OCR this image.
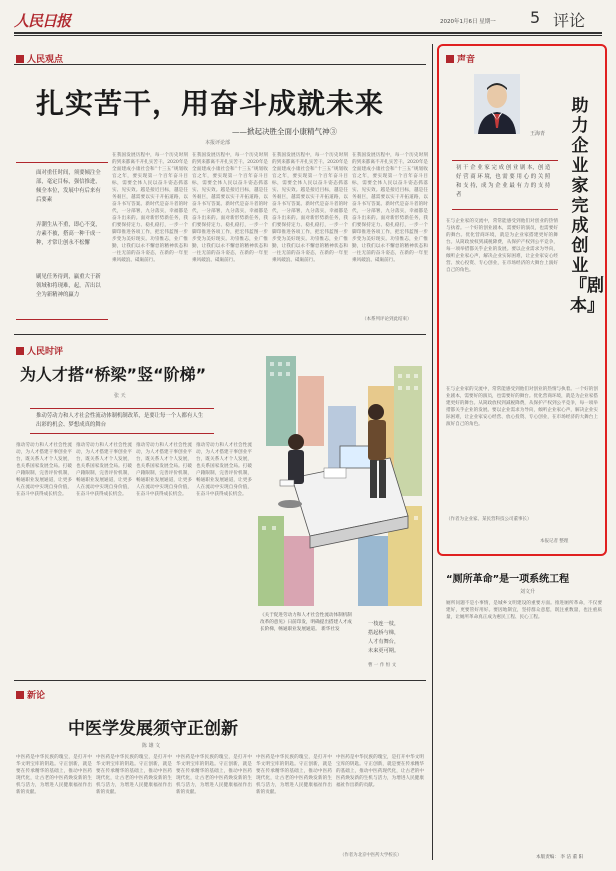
人民日报	2020年1月6日 星期一 5 评论
人民观点
扎实苦干，用奋斗成就未来
——掀起决胜全面小康精气神③
本报评论部
面对重任时间，须要倾注全部，毫定目标，强信推进，倾全本位，发展中有后来有后要素
弄潮生从不重，即心不变，方素不被，搭高一种干成一种，才常让创永不松懈
刷见任务待到，赢重大于新领域和将现难，起，苦出以全为新精神的赢力
在我国发展历程中，每一个历史时刻的到来都离不开扎实苦干。2020年是全面建成小康社会和“十三五”规划收官之年，要实现第一个百年奋斗目标，需要全体人民以奋斗姿态抓落实、见实效。越是接近目标，越是任务艰巨，越需要以实干开拓道路，以奋斗书写答案。新时代是奋斗者的时代，一分部署，九分落实，幸福都是奋斗出来的。面对新形势新任务，我们要保持定力、稳扎稳打，一步一个脚印推进各项工作，把宏伟蓝图一步步变为美好现实。功崇惟志，业广惟勤，让我们以永不懈怠的精神状态和一往无前的奋斗姿态，在新的一年里乘风破浪、砥砺前行。
在我国发展历程中，每一个历史时刻的到来都离不开扎实苦干。2020年是全面建成小康社会和“十三五”规划收官之年，要实现第一个百年奋斗目标，需要全体人民以奋斗姿态抓落实、见实效。越是接近目标，越是任务艰巨，越需要以实干开拓道路，以奋斗书写答案。新时代是奋斗者的时代，一分部署，九分落实，幸福都是奋斗出来的。面对新形势新任务，我们要保持定力、稳扎稳打，一步一个脚印推进各项工作，把宏伟蓝图一步步变为美好现实。功崇惟志，业广惟勤，让我们以永不懈怠的精神状态和一往无前的奋斗姿态，在新的一年里乘风破浪、砥砺前行。
在我国发展历程中，每一个历史时刻的到来都离不开扎实苦干。2020年是全面建成小康社会和“十三五”规划收官之年，要实现第一个百年奋斗目标，需要全体人民以奋斗姿态抓落实、见实效。越是接近目标，越是任务艰巨，越需要以实干开拓道路，以奋斗书写答案。新时代是奋斗者的时代，一分部署，九分落实，幸福都是奋斗出来的。面对新形势新任务，我们要保持定力、稳扎稳打，一步一个脚印推进各项工作，把宏伟蓝图一步步变为美好现实。功崇惟志，业广惟勤，让我们以永不懈怠的精神状态和一往无前的奋斗姿态，在新的一年里乘风破浪、砥砺前行。
在我国发展历程中，每一个历史时刻的到来都离不开扎实苦干。2020年是全面建成小康社会和“十三五”规划收官之年，要实现第一个百年奋斗目标，需要全体人民以奋斗姿态抓落实、见实效。越是接近目标，越是任务艰巨，越需要以实干开拓道路，以奋斗书写答案。新时代是奋斗者的时代，一分部署，九分落实，幸福都是奋斗出来的。面对新形势新任务，我们要保持定力、稳扎稳打，一步一个脚印推进各项工作，把宏伟蓝图一步步变为美好现实。功崇惟志，业广惟勤，让我们以永不懈怠的精神状态和一往无前的奋斗姿态，在新的一年里乘风破浪、砥砺前行。
（本系列评论到此结束）
人民时评
为人才搭“桥梁”竖“阶梯”
张 天
推动劳动力和人才社会性流动体制机制改革，是要让每一个人都有人生出彩的机会、梦想成真的舞台
推动劳动力和人才社会性流动，为人才搭建干事创业平台，既关系人才个人发展，也关系国家发展全局。打破户籍限制，完善评价机制，畅通职业发展通道，让更多人在流动中实现自身价值，在奋斗中获得成长机会。
推动劳动力和人才社会性流动，为人才搭建干事创业平台，既关系人才个人发展，也关系国家发展全局。打破户籍限制，完善评价机制，畅通职业发展通道，让更多人在流动中实现自身价值，在奋斗中获得成长机会。
推动劳动力和人才社会性流动，为人才搭建干事创业平台，既关系人才个人发展，也关系国家发展全局。打破户籍限制，完善评价机制，畅通职业发展通道，让更多人在流动中实现自身价值，在奋斗中获得成长机会。
推动劳动力和人才社会性流动，为人才搭建干事创业平台，既关系人才个人发展，也关系国家发展全局。打破户籍限制，完善评价机制，畅通职业发展通道，让更多人在流动中实现自身价值，在奋斗中获得成长机会。
《关于促进劳动力和人才社会性流动体制机制改革的意见》日前印发，明确提出搭建人才成长阶梯，畅通职业发展通道。 新华社发
一枝连一枝，
搭起桥与梯，
人才有舞台，
未来更可期。
曹 一 作 恒 文
新论
中医学发展须守正创新
陈 雄 文
中医药是中华民族的瑰宝，是打开中华文明宝库的钥匙。守正创新，就是要在传承精华的基础上，推动中医药现代化，让古老的中医药焕发新的生机与活力，为增进人民健康福祉作出新的贡献。
中医药是中华民族的瑰宝，是打开中华文明宝库的钥匙。守正创新，就是要在传承精华的基础上，推动中医药现代化，让古老的中医药焕发新的生机与活力，为增进人民健康福祉作出新的贡献。
中医药是中华民族的瑰宝，是打开中华文明宝库的钥匙。守正创新，就是要在传承精华的基础上，推动中医药现代化，让古老的中医药焕发新的生机与活力，为增进人民健康福祉作出新的贡献。
中医药是中华民族的瑰宝，是打开中华文明宝库的钥匙。守正创新，就是要在传承精华的基础上，推动中医药现代化，让古老的中医药焕发新的生机与活力，为增进人民健康福祉作出新的贡献。
中医药是中华民族的瑰宝，是打开中华文明宝库的钥匙。守正创新，就是要在传承精华的基础上，推动中医药现代化，让古老的中医药焕发新的生机与活力，为增进人民健康福祉作出新的贡献。
（作者为北京中医药大学校长）
声音
王海青
助力企业家完成创业『剧本』
初 干 企 业 家 完 成 创 业 剧 本，创 造 好 营 商 环 境，也 需 要 用 心 的 关 照 和 支 持，成 为 企 业 最 有 力 的 支 持 者
在与企业家的交流中，常常能感受到他们对创业的热情与执着。一个好的创业剧本，需要好的演员，也需要好的舞台。优化营商环境，就是为企业家搭建更好的舞台。从简政放权到减税降费，从保护产权到公平竞争，每一项举措都关乎企业的发展。要以企业需求为导向，倾听企业家心声，解决企业实际困难，让企业家安心经营、放心投资、专心创业，在市场经济的大舞台上演好自己的角色。
在与企业家的交流中，常常能感受到他们对创业的热情与执着。一个好的创业剧本，需要好的演员，也需要好的舞台。优化营商环境，就是为企业家搭建更好的舞台。从简政放权到减税降费，从保护产权到公平竞争，每一项举措都关乎企业的发展。要以企业需求为导向，倾听企业家心声，解决企业实际困难，让企业家安心经营、放心投资、专心创业，在市场经济的大舞台上演好自己的角色。
（作者为企业家、某民营科技公司董事长）
本报记者 整理
“厕所革命”是一项系统工程
刘文升
厕所问题不是小事情，是城乡文明建设的重要方面。推进厕所革命，不仅要建好，更要管好用好。要因地制宜，坚持群众意愿，既注重数量，也注重质量，让厕所革命真正成为惠民工程、民心工程。
本版责编： 李 洁 董 阳
